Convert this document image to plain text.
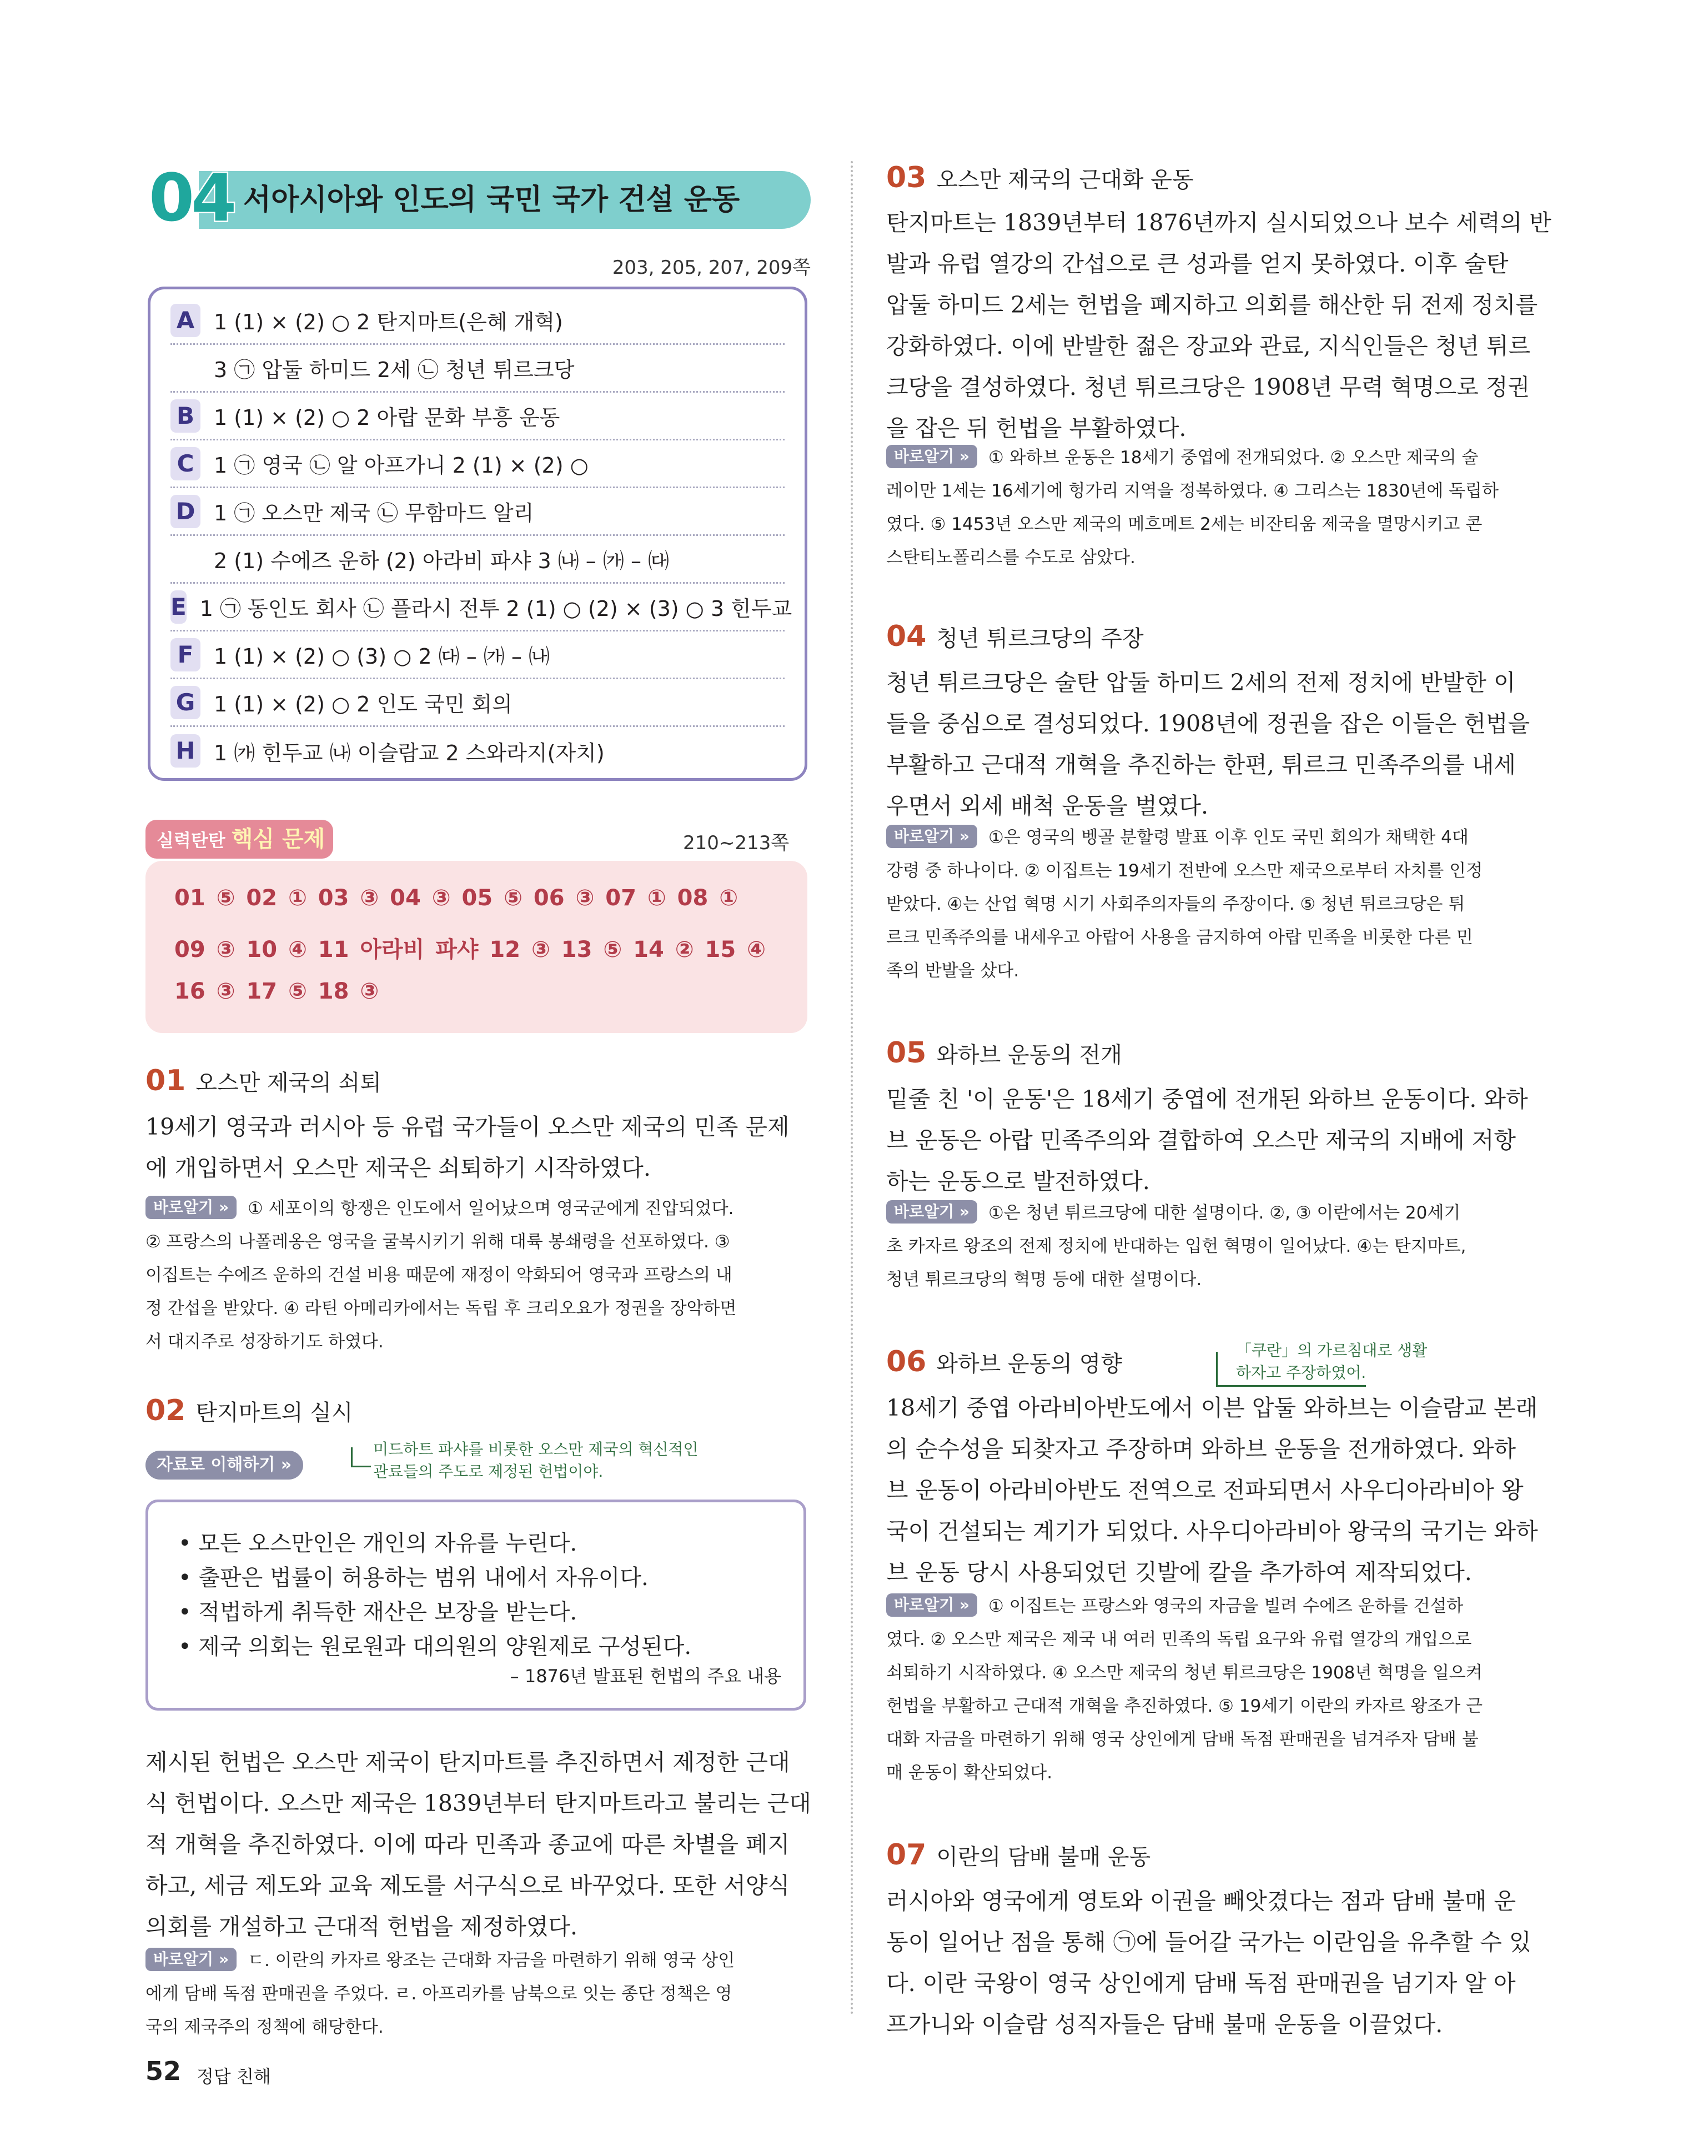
04 서아시아와 인도의 국민 국가 건설 운동
203, 205, 207, 209쪽
A 1 (1) × (2) ○ 2 탄지마트(은혜 개혁)
3 ㉠ 압둘 하미드 2세 ㉡ 청년 튀르크당
B 1 (1) × (2) ○ 2 아랍 문화 부흥 운동
C 1 ㉠ 영국 ㉡ 알 아프가니 2 (1) × (2) ○
D 1 ㉠ 오스만 제국 ㉡ 무함마드 알리
2 (1) 수에즈 운하 (2) 아라비 파샤 3 ㈏ – ㈎ – ㈐
E 1 ㉠ 동인도 회사 ㉡ 플라시 전투 2 (1) ○ (2) × (3) ○ 3 힌두교
F 1 (1) × (2) ○ (3) ○ 2 ㈐ – ㈎ – ㈏
G 1 (1) × (2) ○ 2 인도 국민 회의
H 1 ㈎ 힌두교 ㈏ 이슬람교 2 스와라지(자치)
실력탄탄 핵심 문제	210~213쪽
01 ⑤ 02 ① 03 ③ 04 ③ 05 ⑤ 06 ③ 07 ① 08 ①
09 ③ 10 ④ 11 아라비 파샤 12 ③ 13 ⑤ 14 ② 15 ④
16 ③ 17 ⑤ 18 ③
01 오스만 제국의 쇠퇴

19세기 영국과 러시아 등 유럽 국가들이 오스만 제국의 민족 문제

에 개입하면서 오스만 제국은 쇠퇴하기 시작하였다.

바로알기 » ① 세포이의 항쟁은 인도에서 일어났으며 영국군에게 진압되었다.

② 프랑스의 나폴레옹은 영국을 굴복시키기 위해 대륙 봉쇄령을 선포하였다. ③

이집트는 수에즈 운하의 건설 비용 때문에 재정이 악화되어 영국과 프랑스의 내

정 간섭을 받았다. ④ 라틴 아메리카에서는 독립 후 크리오요가 정권을 장악하면

서 대지주로 성장하기도 하였다.

02 탄지마트의 실시
자료로 이해하기 »
미드하트 파샤를 비롯한 오스만 제국의 혁신적인
관료들의 주도로 제정된 헌법이야.
• 모든 오스만인은 개인의 자유를 누린다.
• 출판은 법률이 허용하는 범위 내에서 자유이다.
• 적법하게 취득한 재산은 보장을 받는다.
• 제국 의회는 원로원과 대의원의 양원제로 구성된다.
– 1876년 발표된 헌법의 주요 내용

제시된 헌법은 오스만 제국이 탄지마트를 추진하면서 제정한 근대

식 헌법이다. 오스만 제국은 1839년부터 탄지마트라고 불리는 근대

적 개혁을 추진하였다. 이에 따라 민족과 종교에 따른 차별을 폐지

하고, 세금 제도와 교육 제도를 서구식으로 바꾸었다. 또한 서양식

의회를 개설하고 근대적 헌법을 제정하였다.

바로알기 » ㄷ. 이란의 카자르 왕조는 근대화 자금을 마련하기 위해 영국 상인

에게 담배 독점 판매권을 주었다. ㄹ. 아프리카를 남북으로 잇는 종단 정책은 영

국의 제국주의 정책에 해당한다.

03 오스만 제국의 근대화 운동

탄지마트는 1839년부터 1876년까지 실시되었으나 보수 세력의 반

발과 유럽 열강의 간섭으로 큰 성과를 얻지 못하였다. 이후 술탄

압둘 하미드 2세는 헌법을 폐지하고 의회를 해산한 뒤 전제 정치를

강화하였다. 이에 반발한 젊은 장교와 관료, 지식인들은 청년 튀르

크당을 결성하였다. 청년 튀르크당은 1908년 무력 혁명으로 정권

을 잡은 뒤 헌법을 부활하였다.

바로알기 » ① 와하브 운동은 18세기 중엽에 전개되었다. ② 오스만 제국의 술

레이만 1세는 16세기에 헝가리 지역을 정복하였다. ④ 그리스는 1830년에 독립하

였다. ⑤ 1453년 오스만 제국의 메흐메트 2세는 비잔티움 제국을 멸망시키고 콘

스탄티노폴리스를 수도로 삼았다.

04 청년 튀르크당의 주장

청년 튀르크당은 술탄 압둘 하미드 2세의 전제 정치에 반발한 이

들을 중심으로 결성되었다. 1908년에 정권을 잡은 이들은 헌법을

부활하고 근대적 개혁을 추진하는 한편, 튀르크 민족주의를 내세

우면서 외세 배척 운동을 벌였다.

바로알기 » ①은 영국의 벵골 분할령 발표 이후 인도 국민 회의가 채택한 4대

강령 중 하나이다. ② 이집트는 19세기 전반에 오스만 제국으로부터 자치를 인정

받았다. ④는 산업 혁명 시기 사회주의자들의 주장이다. ⑤ 청년 튀르크당은 튀

르크 민족주의를 내세우고 아랍어 사용을 금지하여 아랍 민족을 비롯한 다른 민

족의 반발을 샀다.

05 와하브 운동의 전개

밑줄 친 '이 운동'은 18세기 중엽에 전개된 와하브 운동이다. 와하

브 운동은 아랍 민족주의와 결합하여 오스만 제국의 지배에 저항

하는 운동으로 발전하였다.

바로알기 » ①은 청년 튀르크당에 대한 설명이다. ②, ③ 이란에서는 20세기

초 카자르 왕조의 전제 정치에 반대하는 입헌 혁명이 일어났다. ④는 탄지마트,

청년 튀르크당의 혁명 등에 대한 설명이다.

06 와하브 운동의 영향
「쿠란」의 가르침대로 생활
하자고 주장하였어.

18세기 중엽 아라비아반도에서 이븐 압둘 와하브는 이슬람교 본래

의 순수성을 되찾자고 주장하며 와하브 운동을 전개하였다. 와하

브 운동이 아라비아반도 전역으로 전파되면서 사우디아라비아 왕

국이 건설되는 계기가 되었다. 사우디아라비아 왕국의 국기는 와하

브 운동 당시 사용되었던 깃발에 칼을 추가하여 제작되었다.

바로알기 » ① 이집트는 프랑스와 영국의 자금을 빌려 수에즈 운하를 건설하

였다. ② 오스만 제국은 제국 내 여러 민족의 독립 요구와 유럽 열강의 개입으로

쇠퇴하기 시작하였다. ④ 오스만 제국의 청년 튀르크당은 1908년 혁명을 일으켜

헌법을 부활하고 근대적 개혁을 추진하였다. ⑤ 19세기 이란의 카자르 왕조가 근

대화 자금을 마련하기 위해 영국 상인에게 담배 독점 판매권을 넘겨주자 담배 불

매 운동이 확산되었다.

07 이란의 담배 불매 운동

러시아와 영국에게 영토와 이권을 빼앗겼다는 점과 담배 불매 운

동이 일어난 점을 통해 ㉠에 들어갈 국가는 이란임을 유추할 수 있

다. 이란 국왕이 영국 상인에게 담배 독점 판매권을 넘기자 알 아

프가니와 이슬람 성직자들은 담배 불매 운동을 이끌었다.

52 정답 친해
